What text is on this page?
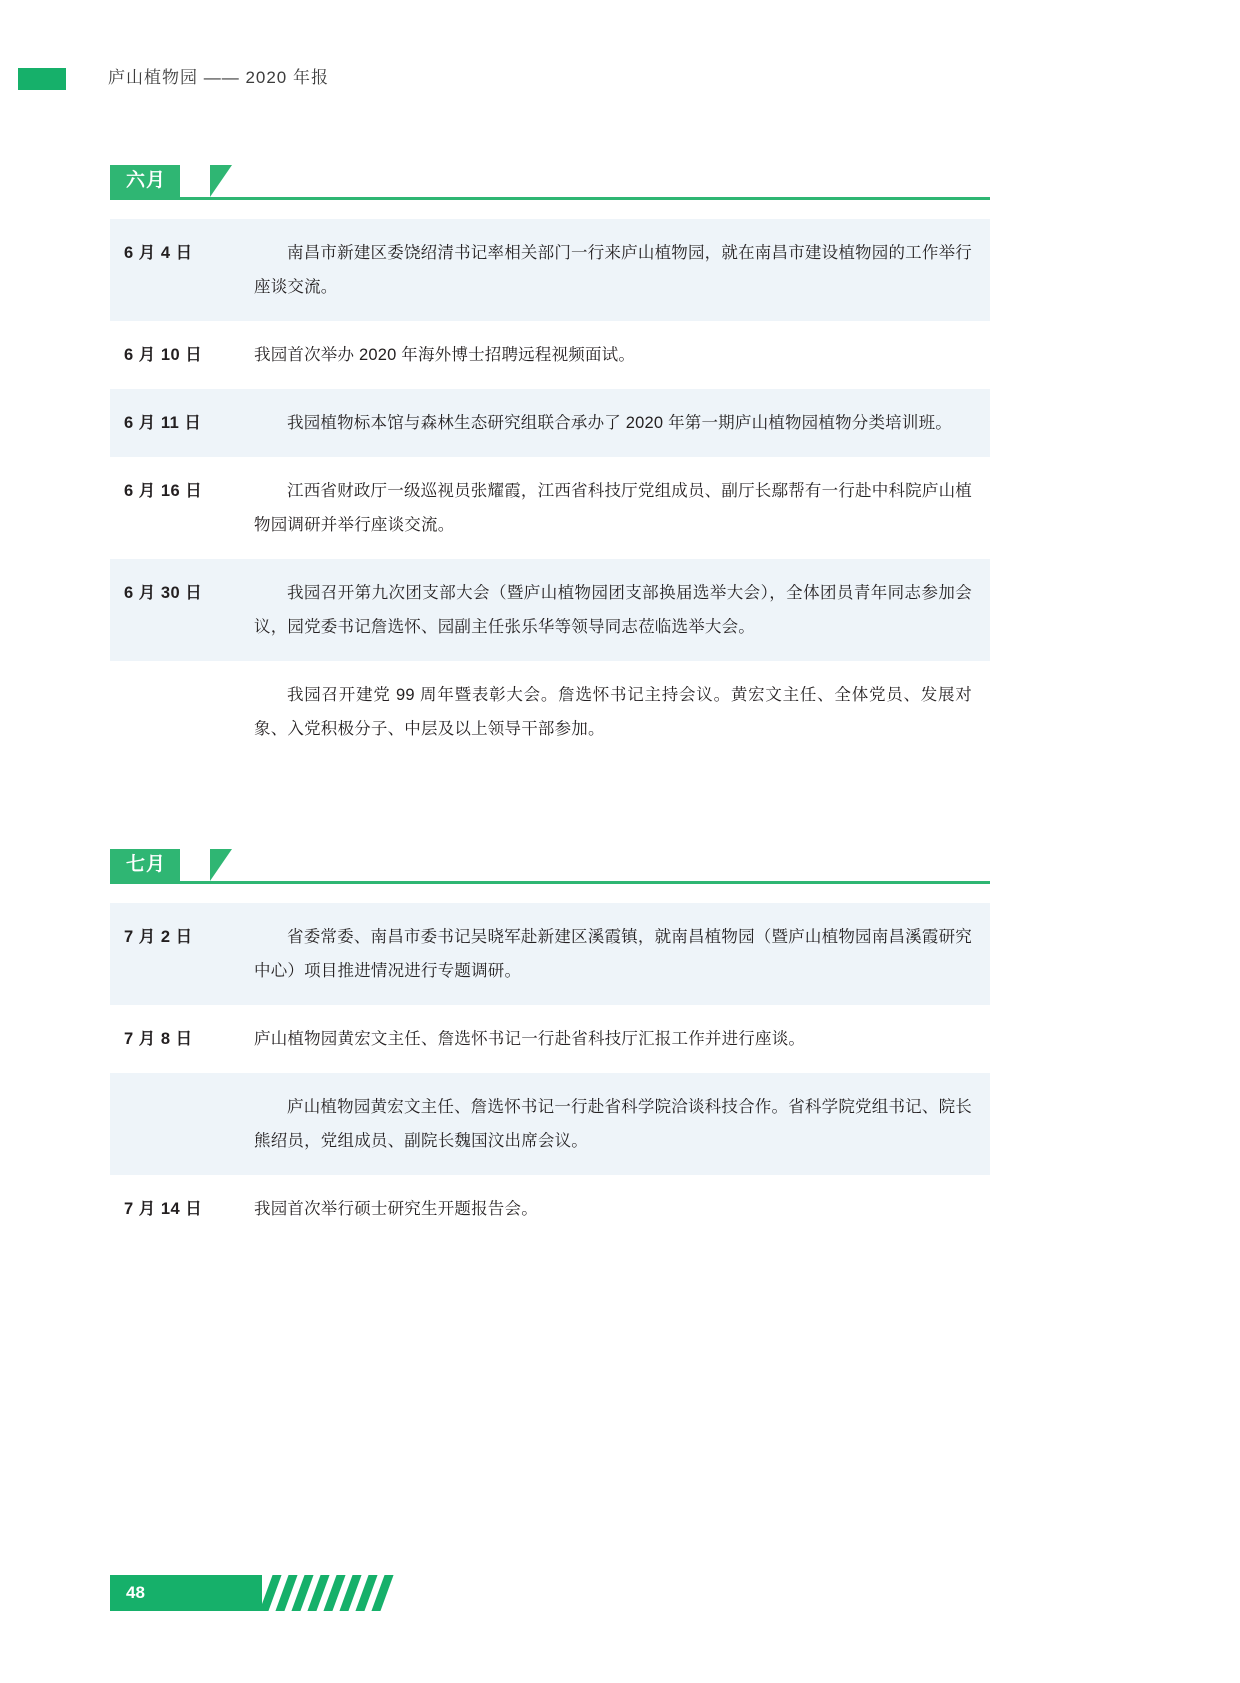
庐山植物园 —— 2020 年报
六月
6 月 4 日	南昌市新建区委饶绍清书记率相关部门一行来庐山植物园，就在南昌市建设植物园的工作举行座谈交流。
6 月 10 日	我园首次举办 2020 年海外博士招聘远程视频面试。
6 月 11 日	我园植物标本馆与森林生态研究组联合承办了 2020 年第一期庐山植物园植物分类培训班。
6 月 16 日	江西省财政厅一级巡视员张耀霞，江西省科技厅党组成员、副厅长鄢帮有一行赴中科院庐山植物园调研并举行座谈交流。
6 月 30 日	我园召开第九次团支部大会（暨庐山植物园团支部换届选举大会），全体团员青年同志参加会议，园党委书记詹选怀、园副主任张乐华等领导同志莅临选举大会。
我园召开建党 99 周年暨表彰大会。詹选怀书记主持会议。黄宏文主任、全体党员、发展对象、入党积极分子、中层及以上领导干部参加。
七月
7 月 2 日	省委常委、南昌市委书记吴晓军赴新建区溪霞镇，就南昌植物园（暨庐山植物园南昌溪霞研究中心）项目推进情况进行专题调研。
7 月 8 日	庐山植物园黄宏文主任、詹选怀书记一行赴省科技厅汇报工作并进行座谈。
庐山植物园黄宏文主任、詹选怀书记一行赴省科学院洽谈科技合作。省科学院党组书记、院长熊绍员，党组成员、副院长魏国汶出席会议。
7 月 14 日	我园首次举行硕士研究生开题报告会。
48
